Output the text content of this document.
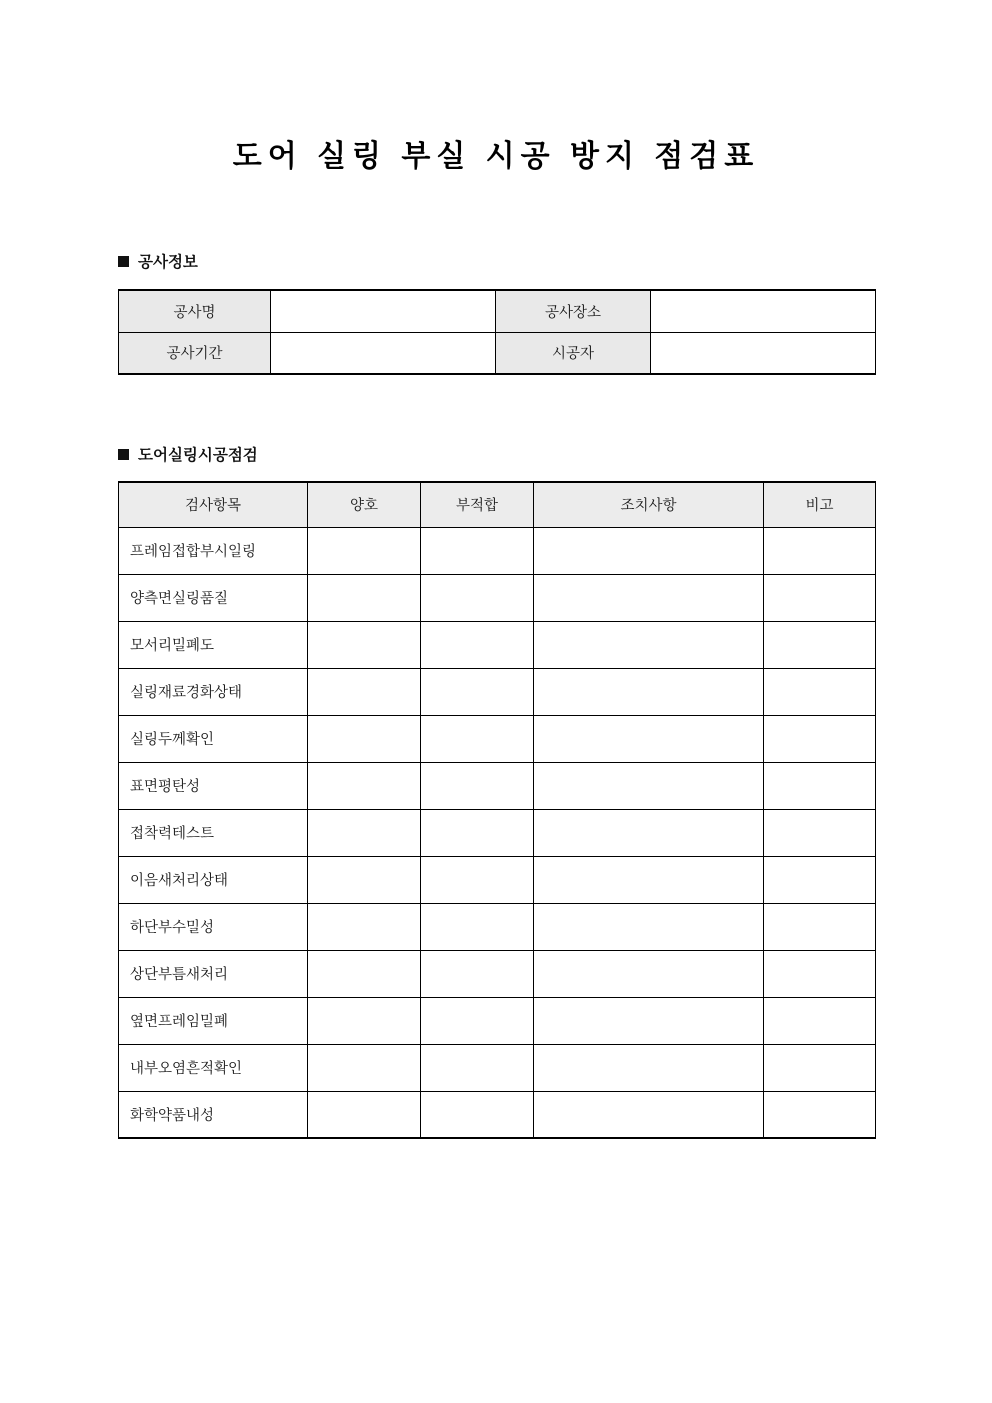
도어 실링 부실 시공 방지 점검표
공사정보
공사명		공사장소	
공사기간		시공자	
도어실링시공점검
검사항목	양호	부적합	조치사항	비고
프레임접합부시일링				
양측면실링품질				
모서리밀폐도				
실링재료경화상태				
실링두께확인				
표면평탄성				
접착력테스트				
이음새처리상태				
하단부수밀성				
상단부틈새처리				
옆면프레임밀폐				
내부오염흔적확인				
화학약품내성				
